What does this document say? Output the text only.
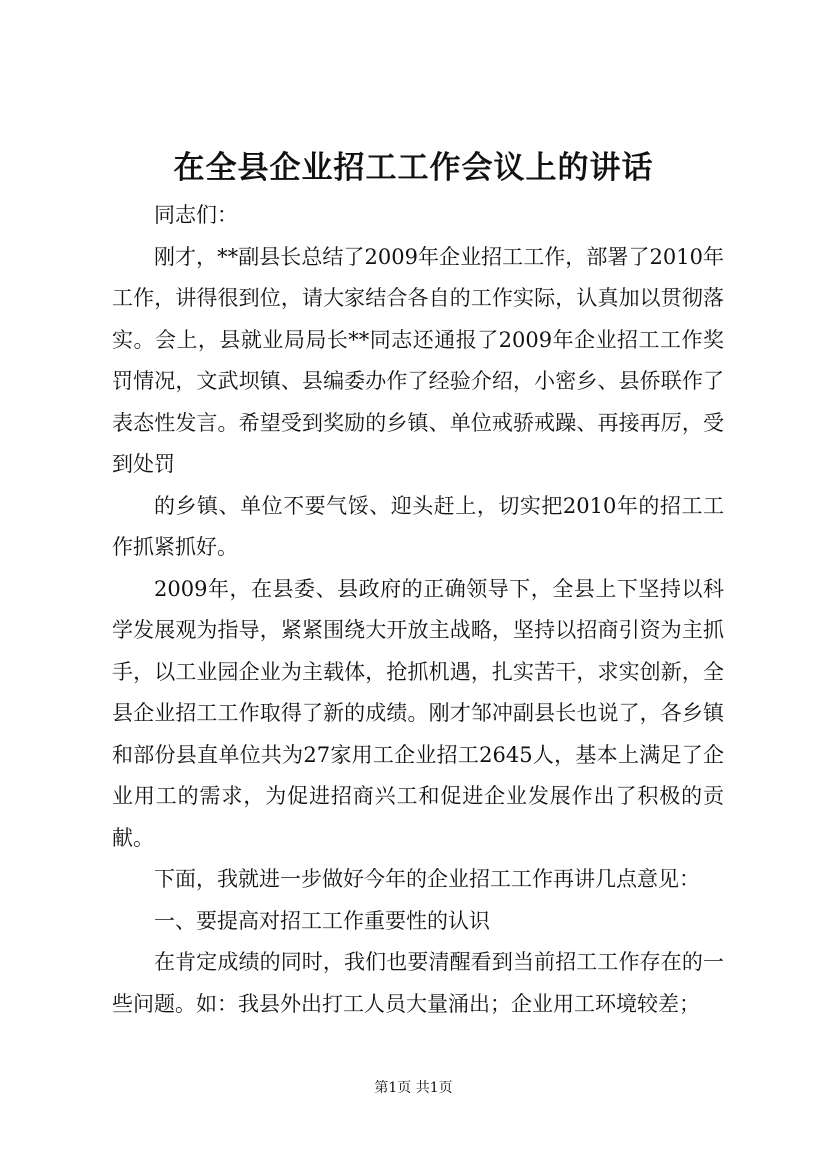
在全县企业招工工作会议上的讲话

同志们：

刚才，**副县长总结了2009年企业招工工作，部署了2010年工作，讲得很到位，请大家结合各自的工作实际，认真加以贯彻落实。会上，县就业局局长**同志还通报了2009年企业招工工作奖罚情况，文武坝镇、县编委办作了经验介绍，小密乡、县侨联作了表态性发言。希望受到奖励的乡镇、单位戒骄戒躁、再接再厉，受到处罚

的乡镇、单位不要气馁、迎头赶上，切实把2010年的招工工作抓紧抓好。

2009年，在县委、县政府的正确领导下，全县上下坚持以科学发展观为指导，紧紧围绕大开放主战略，坚持以招商引资为主抓手，以工业园企业为主载体，抢抓机遇，扎实苦干，求实创新，全县企业招工工作取得了新的成绩。刚才邹冲副县长也说了，各乡镇和部份县直单位共为27家用工企业招工2645人，基本上满足了企业用工的需求，为促进招商兴工和促进企业发展作出了积极的贡献。

下面，我就进一步做好今年的企业招工工作再讲几点意见：

一、要提高对招工工作重要性的认识

在肯定成绩的同时，我们也要清醒看到当前招工工作存在的一些问题。如：我县外出打工人员大量涌出；企业用工环境较差；

第1页 共1页
